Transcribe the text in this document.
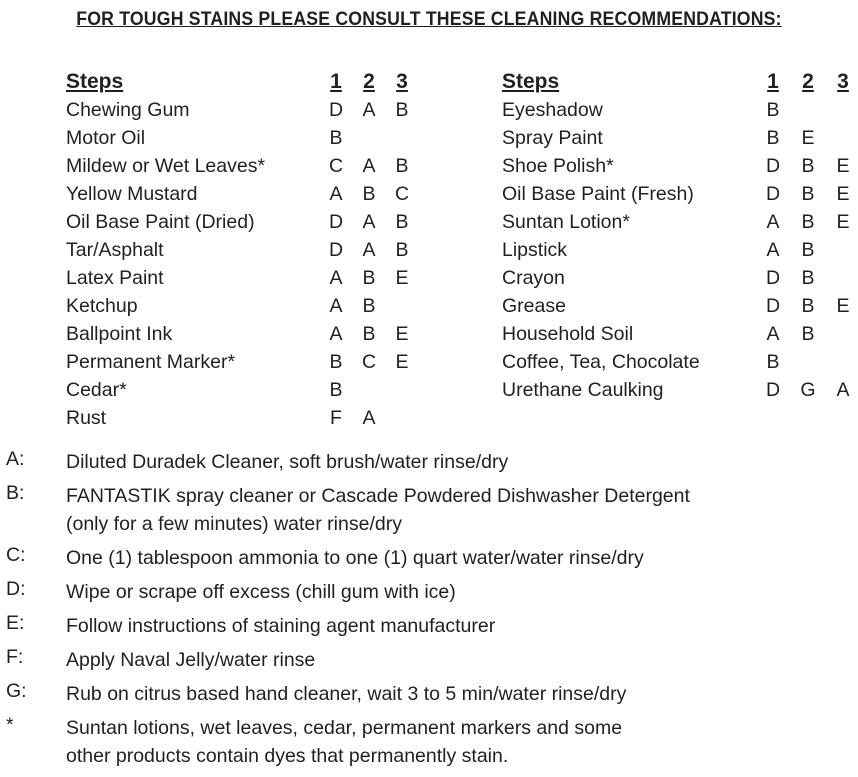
FOR TOUGH STAINS PLEASE CONSULT THESE CLEANING RECOMMENDATIONS:
Steps	1 2 3
Chewing Gum	D A B
Motor Oil	B
Mildew or Wet Leaves*	C A B
Yellow Mustard	A B C
Oil Base Paint (Dried)	D A B
Tar/Asphalt	D A B
Latex Paint	A B E
Ketchup	A B
Ballpoint Ink	A B E
Permanent Marker*	B C E
Cedar*	B
Rust	F A
Steps	1 2 3
Eyeshadow	B
Spray Paint	B E
Shoe Polish*	D B E
Oil Base Paint (Fresh)	D B E
Suntan Lotion*	A B E
Lipstick	A B
Crayon	D B
Grease	D B E
Household Soil	A B
Coffee, Tea, Chocolate	B
Urethane Caulking	D G A
A: Diluted Duradek Cleaner, soft brush/water rinse/dry
B: FANTASTIK spray cleaner or Cascade Powdered Dishwasher Detergent
(only for a few minutes) water rinse/dry
C: One (1) tablespoon ammonia to one (1) quart water/water rinse/dry
D: Wipe or scrape off excess (chill gum with ice)
E: Follow instructions of staining agent manufacturer
F: Apply Naval Jelly/water rinse
G: Rub on citrus based hand cleaner, wait 3 to 5 min/water rinse/dry
*	Suntan lotions, wet leaves, cedar, permanent markers and some
other products contain dyes that permanently stain.
